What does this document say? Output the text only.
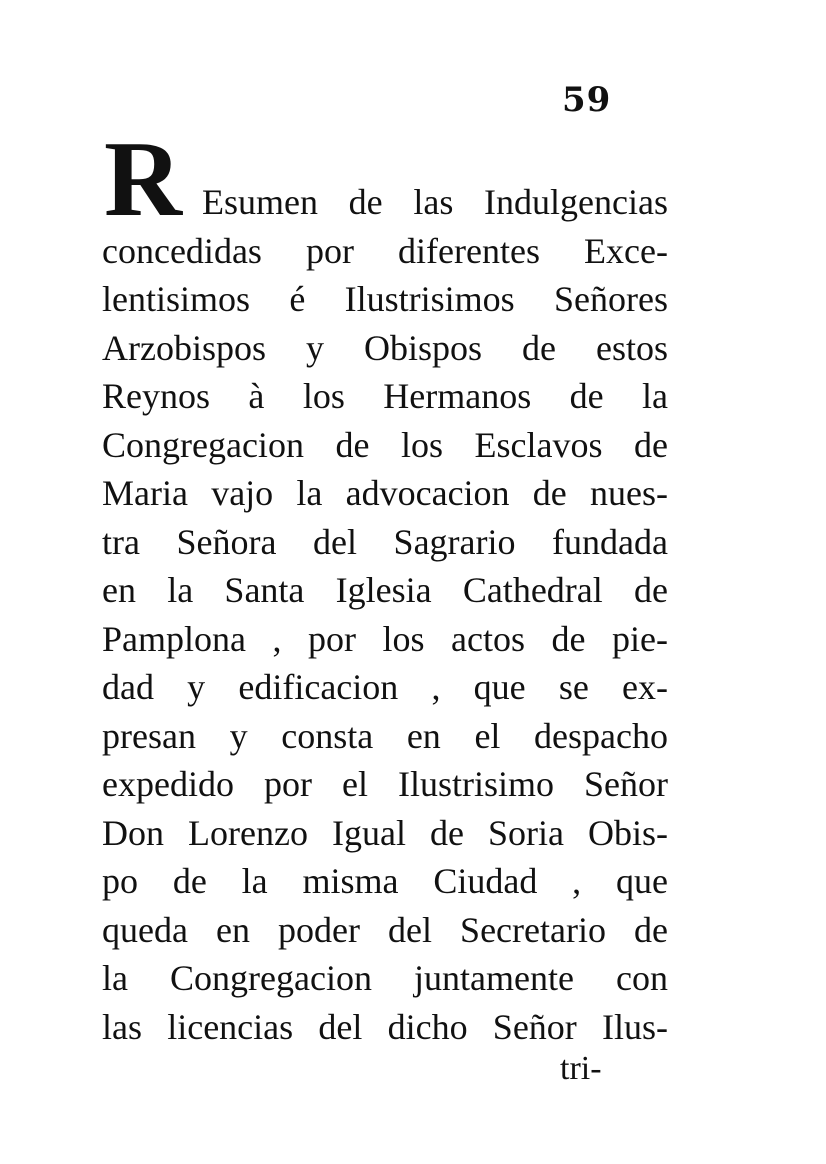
59
R Esumen de las Indulgencias
concedidas por diferentes Exce-
lentisimos é Ilustrisimos Señores
Arzobispos y Obispos de estos
Reynos à los Hermanos de la
Congregacion de los Esclavos de
Maria vajo la advocacion de nues-
tra Señora del Sagrario fundada
en la Santa Iglesia Cathedral de
Pamplona , por los actos de pie-
dad y edificacion , que se ex-
presan y consta en el despacho
expedido por el Ilustrisimo Señor
Don Lorenzo Igual de Soria Obis-
po de la misma Ciudad , que
queda en poder del Secretario de
la Congregacion juntamente con
las licencias del dicho Señor Ilus-
tri-
